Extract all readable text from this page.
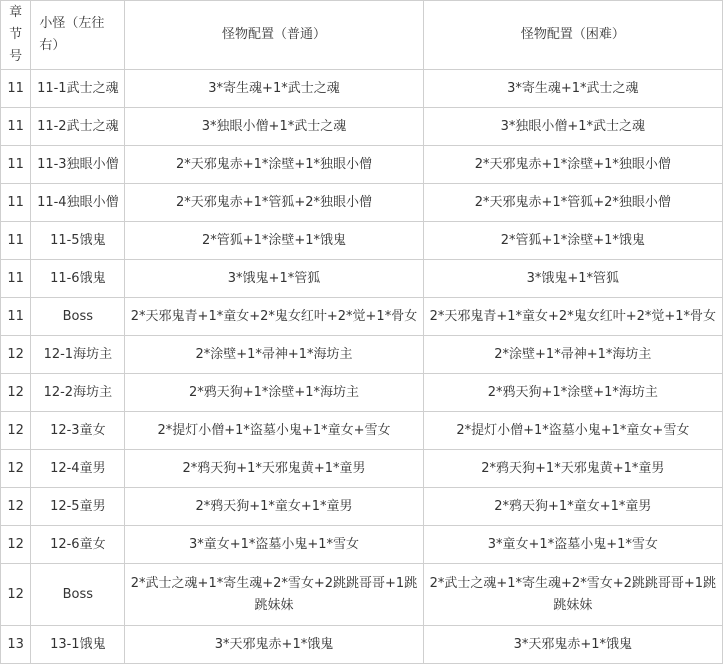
章节号	小怪（左往右）	怪物配置（普通）	怪物配置（困难）
11	11-1武士之魂	3*寄生魂+1*武士之魂	3*寄生魂+1*武士之魂
11	11-2武士之魂	3*独眼小僧+1*武士之魂	3*独眼小僧+1*武士之魂
11	11-3独眼小僧	2*天邪鬼赤+1*涂壁+1*独眼小僧	2*天邪鬼赤+1*涂壁+1*独眼小僧
11	11-4独眼小僧	2*天邪鬼赤+1*管狐+2*独眼小僧	2*天邪鬼赤+1*管狐+2*独眼小僧
11	11-5饿鬼	2*管狐+1*涂壁+1*饿鬼	2*管狐+1*涂壁+1*饿鬼
11	11-6饿鬼	3*饿鬼+1*管狐	3*饿鬼+1*管狐
11	Boss	2*天邪鬼青+1*童女+2*鬼女红叶+2*觉+1*骨女	2*天邪鬼青+1*童女+2*鬼女红叶+2*觉+1*骨女
12	12-1海坊主	2*涂壁+1*帚神+1*海坊主	2*涂壁+1*帚神+1*海坊主
12	12-2海坊主	2*鸦天狗+1*涂壁+1*海坊主	2*鸦天狗+1*涂壁+1*海坊主
12	12-3童女	2*提灯小僧+1*盗墓小鬼+1*童女+雪女	2*提灯小僧+1*盗墓小鬼+1*童女+雪女
12	12-4童男	2*鸦天狗+1*天邪鬼黄+1*童男	2*鸦天狗+1*天邪鬼黄+1*童男
12	12-5童男	2*鸦天狗+1*童女+1*童男	2*鸦天狗+1*童女+1*童男
12	12-6童女	3*童女+1*盗墓小鬼+1*雪女	3*童女+1*盗墓小鬼+1*雪女
12	Boss	2*武士之魂+1*寄生魂+2*雪女+2跳跳哥哥+1跳跳妹妹	2*武士之魂+1*寄生魂+2*雪女+2跳跳哥哥+1跳跳妹妹
13	13-1饿鬼	3*天邪鬼赤+1*饿鬼	3*天邪鬼赤+1*饿鬼
